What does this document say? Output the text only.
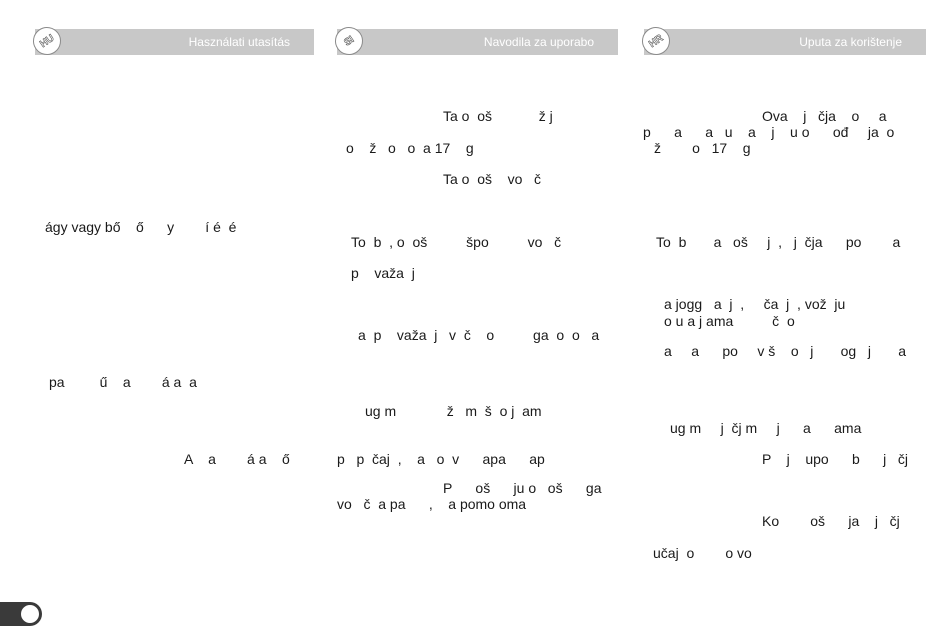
HU	Használati utasítás	SI	Navodila za uporabo	HR	Uputa za korištenje
ágy vagy bő    ő      y        í é  é
pa         ű    a        á a  a
A    a        á a    ő
Ta o  oš            ž j
o    ž   o   o  a 17    g
Ta o  oš    vo   č
To  b  , o  oš          špo          vo   č
p    važa  j
a  p    važa  j   v  č    o          ga  o  o   a
ug m             ž   m  š  o j  am
p   p  čaj  ,    a   o  v      apa      ap
P      oš      ju o   oš      ga
vo   č  a pa      ,    a pomo oma
Ova    j   čja    o     a
p      a      a   u    a    j    u o      ođ     ja  o
ž        o   17    g
To  b       a   oš     j  ,   j  čja      po        a
a jogg   a  j  ,     ča  j  , vož  ju
o u a j ama          č  o
a     a      po     v š    o   j       og   j       a
ug m     j  čj m     j      a      ama
P    j    upo      b      j   čj
Ko        oš      ja    j   čj
učaj  o        o vo
